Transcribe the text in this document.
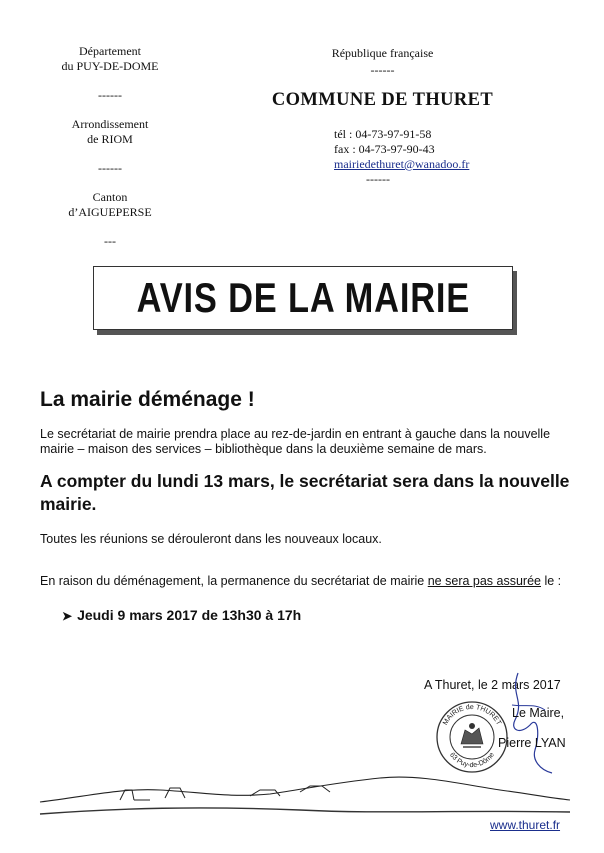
Département
du PUY-DE-DOME
------
Arrondissement
de RIOM
------
Canton
d’AIGUEPERSE
---
République française
------
COMMUNE DE THURET
tél : 04-73-97-91-58
fax : 04-73-97-90-43
mairiedethuret@wanadoo.fr
------
AVIS DE LA MAIRIE
La mairie déménage !
Le secrétariat de mairie prendra place au rez-de-jardin en entrant à gauche dans la nouvelle mairie – maison des services – bibliothèque dans la deuxième semaine de mars.
A compter du lundi 13 mars, le secrétariat sera dans la nouvelle mairie.
Toutes les réunions se dérouleront dans les nouveaux locaux.
En raison du déménagement, la permanence du secrétariat de mairie ne sera pas assurée le :
➤ Jeudi 9 mars 2017 de 13h30 à 17h
A Thuret, le 2 mars 2017
MAIRIE de THURET
63 Puy-de-Dôme
Le Maire,
Pierre LYAN
www.thuret.fr
